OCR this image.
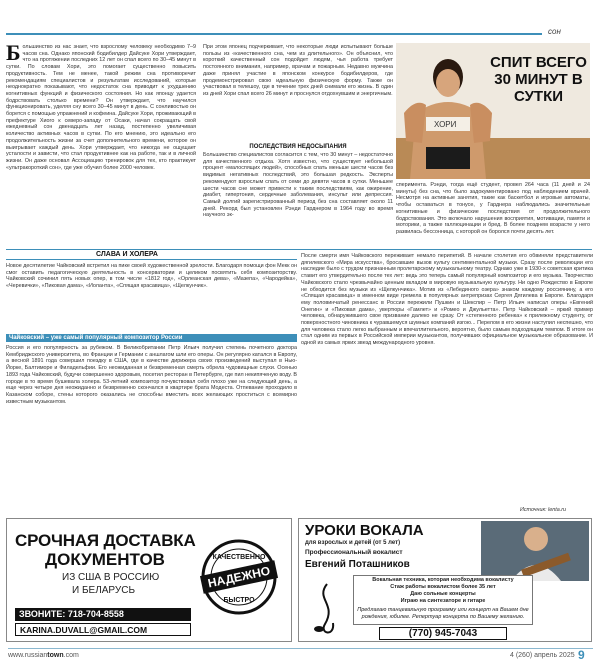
сон
Большинство из нас знает, что взрослому человеку необходимо 7–9 часов сна. Однако японский бодибилдер Дайсуке Хори утверждает, что на протяжении последних 12 лет он спал всего по 30–45 минут в сутки. По словам Хори, это помогает существенно повысить продуктивность. Тем не менее, такой режим сна противоречит рекомендациям специалистов и результатам исследований, которые неоднократно показывают, что недостаток сна приводит к ухудшению когнитивных функций и физического состояния. Но как японцу удается бодрствовать столько времени? Он утверждает, что научился функционировать, уделяя сну всего 30–45 минут в день. С сонливостью он борется с помощью упражнений и кофеина. Дайсуке Хори, проживающий в префектуре Хиого к северо-западу от Осаки, начал сокращать свой ежедневный сон двенадцать лет назад, постепенно увеличивая количество активных часов в сутки. По его мнению, это идеально его продолжительность жизни за счет дополнительного времени, которое он выигрывает каждый день. Хори утверждает, что никогда не ощущает усталости и зависти, что стал продуктивнее как на работе, так и в личной жизни. Он даже основал Ассоциацию тренировок для тех, кто практикует «ультракороткий сон», где уже обучил более 2000 человек.
При этом японец подчеркивает, что некоторые люди испытывают больше пользы из «качественного сна, чем из длительного». Он объяснил, что короткий качественный сон подойдет людям, чья работа требует постоянного внимания, например, врачам и пожарным. Недавно мужчина даже принял участие в японском конкурсе бодибилдеров, где продемонстрировал свою идеальную физическую форму. Также он участвовал в телешоу, где в течение трех дней снимали его жизнь. В один из дней Хори спал всего 26 минут и проснулся отдохнувшим и энергичным.
ПОСЛЕДСТВИЯ НЕДОСЫПАНИЯ
Большинство специалистов согласится с тем, что 30 минут – недостаточно для качественного отдыха. Хотя известно, что существует небольшой процент «малоспящих людей», способных спать меньше шести часов без видимых негативных последствий, это большая редкость. Эксперты рекомендуют взрослым спать от семи до девяти часов в сутки. Меньшее шести часов сне может привести к таким последствиям, как ожирение, диабет, гипертония, сердечные заболевания, инсульт или депрессия. Самый долгий зарегистрированный период без сна составляет около 11 дней. Рекорд был установлен Рэнди Гарднером в 1964 году во время научного эк-
ХОРИ
СПИТ ВСЕГО 30 МИНУТ В СУТКИ
сперимента. Рэнди, тогда ещё студент, провел 264 часа (11 дней и 24 минуты) без сна, что было задокументировано под наблюдением врачей. Несмотря на активные занятия, такие как баскетбол и игровые автоматы, чтобы оставаться в тонусе, у Гарднера наблюдались значительные когнитивные и физические последствия от продолжительного бодрствования. Это включало нарушения восприятия, мотивации, памяти и моторики, а также галлюцинации и бред. В более позднем возрасте у него развилась бессонница, с которой он боролся почти десять лет.
СЛАВА И ХОЛЕРА
Новое десятилетие Чайковский встретил на пике своей художественной зрелости. Благодаря помощи фон Мекк он смог оставить педагогическую деятельность в консерватории и целиком посвятить себя композиторству. Чайковский сочинил пять новых опер, в том числе «1812 год», «Орлеанская дева», «Мазепа», «Чародейка», «Черевички», «Пиковая дама», «Иоланта», «Спящая красавица», «Щелкунчик».
Чайковский – уже самый популярный композитор России
Россия и его популярность за рубежом. В Великобритании Петр Ильич получил степень почетного доктора Кембриджского университета, во Франции и Германии с аншлагом шли его оперы. Он регулярно катался в Европу, а весной 1891 года совершил поездку в США, где в качестве дирижера своих произведений выступал в Нью-Йорке, Балтиморе и Филадельфии. Его неожиданная и безвременная смерть обрела чудовищные слухи. Осенью 1893 года Чайковский, будучи совершенно здоровым, посетил ресторан в Петербурге, где пил некипяченую воду. В городе в то время бушевала холера. 53-летний композитор почувствовал себя плохо уже на следующий день, а еще через четыре дня неожиданно и безвременно скончался в квартире брата Модеста. Отпевание проходило в Казанском соборе, стены которого оказались не способны вместить всех желающих проститься с всемирно известным музыкантом.
После смерти имя Чайковского переживает немало перипетий. В начале столетия его обвиняли представители дягилевского «Мира искусства», бросавшие вызов культу сентиментальной музыки. Сразу после революции его наследие было с трудом признанным пролетарскому музыкальному театру. Однако уже в 1930-х советская критика ставит его утвердительно после тех лет: ведь это теперь самый популярный композитор и его музыка. Творчество Чайковского стало чрезвычайно ценным вкладом в мировую музыкальную культуру. Ни одно Рождество в Европе не обходится без музыки из «Щелкунчика». Мотив из «Лебединого озера» знаком каждому россиянину, а его «Спящая красавица» в именном виде гремела в популярных антрепризах Сергея Дягилева в Европе. Благодаря ему половинчатый ренессанс в России пережили Пушкин и Шекспир – Петр Ильич написал оперы «Евгений Онегин» и «Пиковая дама», увертюры «Гамлет» и «Ромео и Джульетта». Петр Чайковский – яркий пример человека, обнаружившего свое призвание далеко не сразу. От «степенного ребенка» к прилежному студенту, от поверхностного чиновника к чуравшемуся шумных компаний изгою... Перелом в его жизни наступил неспешно, что для человека стало легко выбранным и впечатлительного, вероятно, было самым подходящим темпом. В итоге он стал одним из первых в Российской империи музыкантов, получивших официальное музыкальное образование. И одной из самых ярких звезд международного уровня.
Источник: lenta.ru
СРОЧНАЯ ДОСТАВКА
ДОКУМЕНТОВ
ИЗ США В РОССИЮ
И БЕЛАРУСЬ
ЗВОНИТЕ: 718-704-8558
KARINA.DUVALL@GMAIL.COM
НАДЕЖНО
КАЧЕСТВЕННО
БЫСТРО
УРОКИ ВОКАЛА
для взрослых и детей (от 5 лет)
Профессиональный вокалист
Евгений Поташников
Вокальная техника, которая необходима вокалисту
Стаж работы вокалистом более 35 лет
Даю сольные концерты
Играю на синтезаторе и гитаре
Предлагаю танцевальную программу или концерт на Вашем дне рождения, юбилее. Репертуар концерта по Вашему желанию.
(770) 945-7043
www.russiantown.com	4 (260) апрель 2025 9
